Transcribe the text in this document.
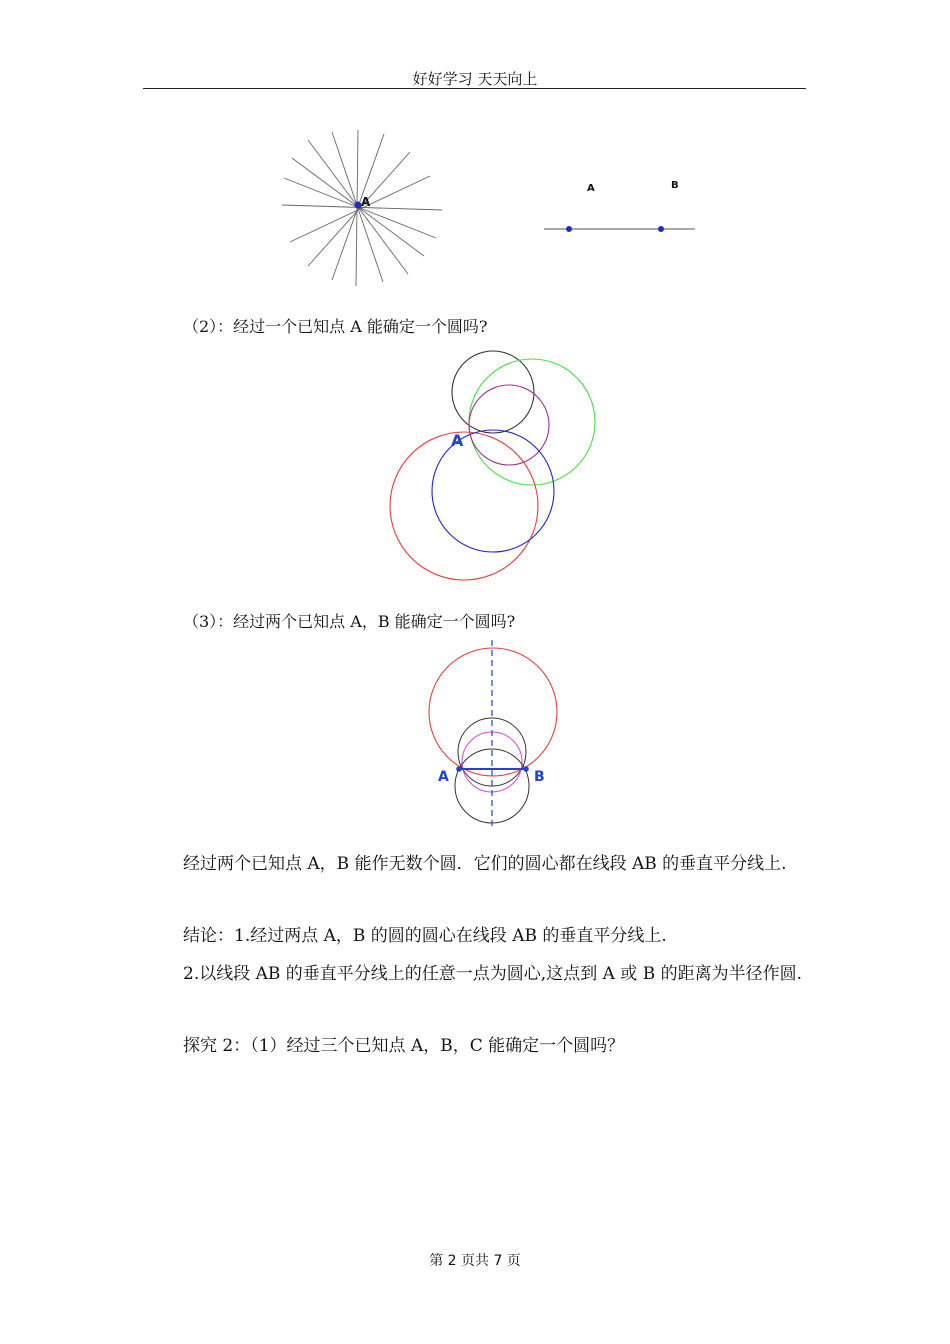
好好学习 天天向上
A
A	B
（2）：经过一个已知点 A 能确定一个圆吗?
A
（3）：经过两个已知点 A，B 能确定一个圆吗?
A	B
经过两个已知点 A，B 能作无数个圆．它们的圆心都在线段 AB 的垂直平分线上.
结论：1.经过两点 A，B 的圆的圆心在线段 AB 的垂直平分线上.
2.以线段 AB 的垂直平分线上的任意一点为圆心,这点到 A 或 B 的距离为半径作圆.
探究 2：（1）经过三个已知点 A，B，C 能确定一个圆吗？
第 2 页共 7 页
